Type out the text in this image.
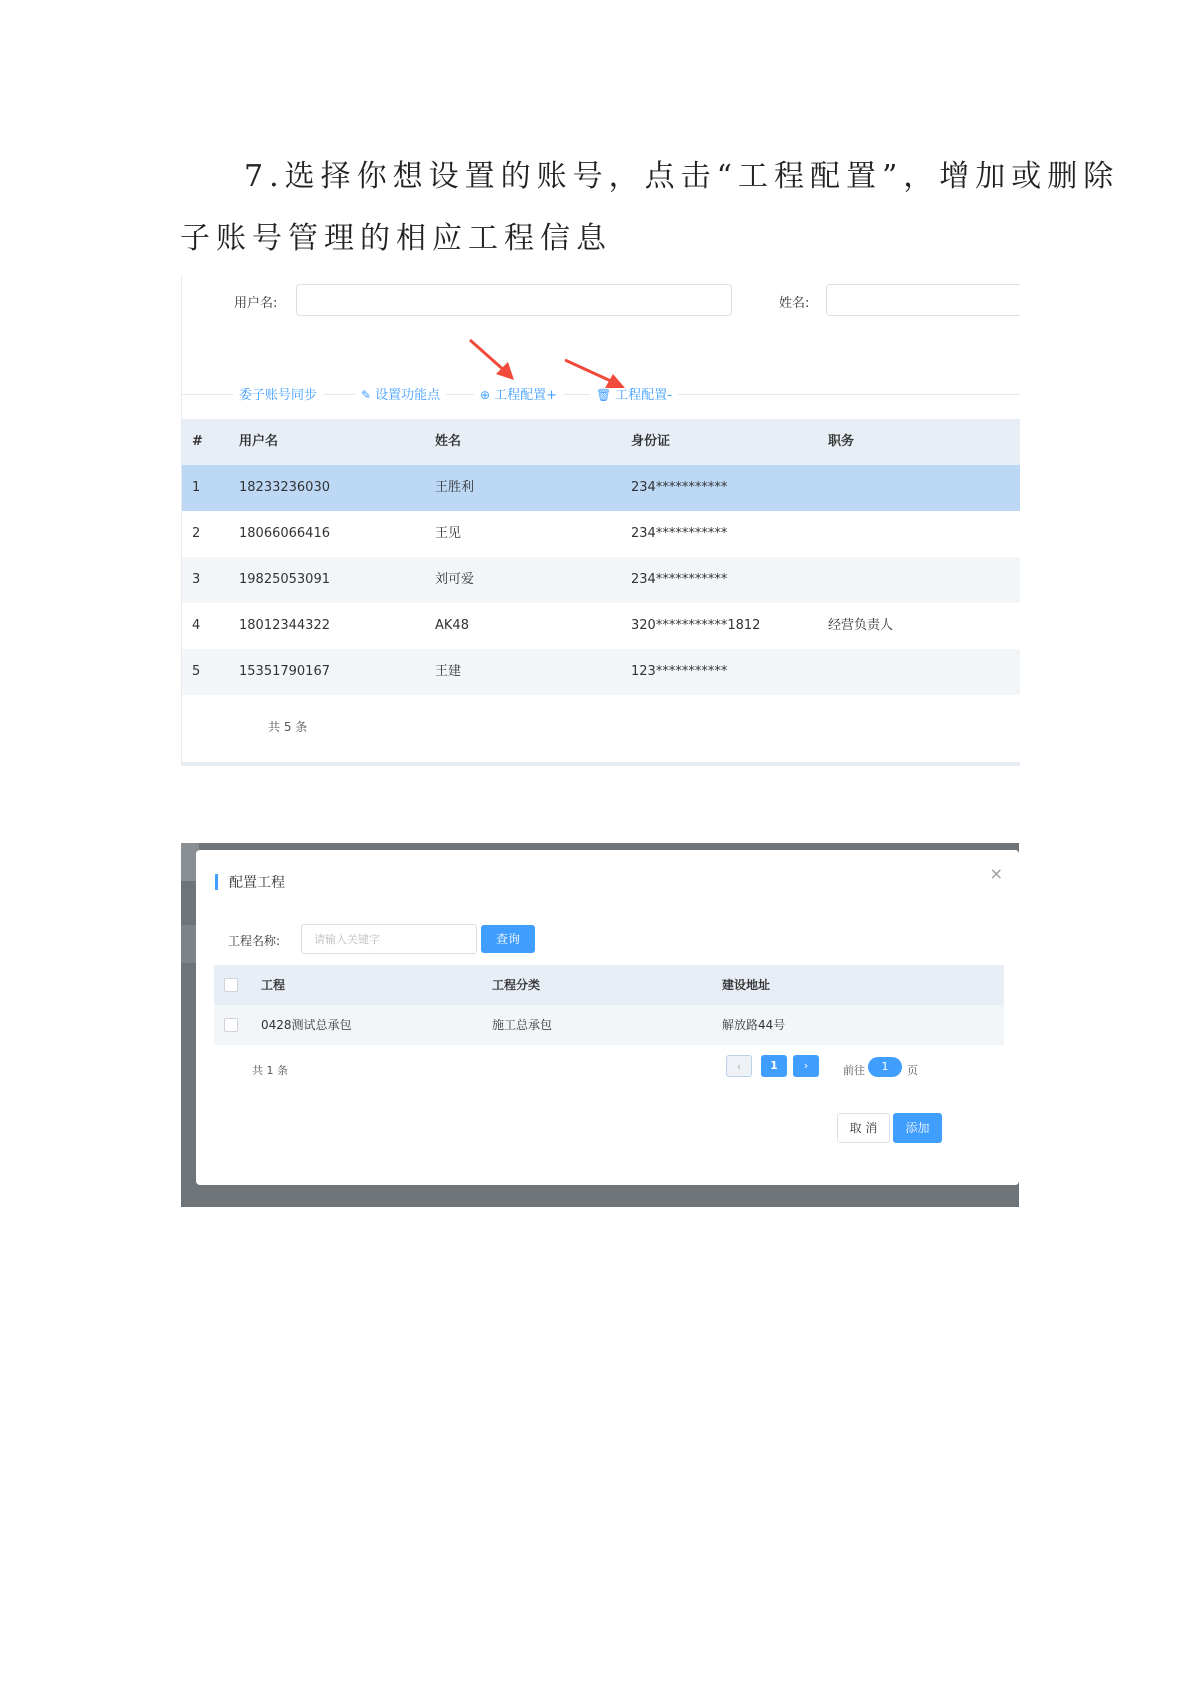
7.选择你想设置的账号，点击“工程配置”，增加或删除
子账号管理的相应工程信息
用户名:	姓名:
委子账号同步	✎ 设置功能点	⊕ 工程配置+	🗑 工程配置-
#	用户名	姓名	身份证	职务
1	18233236030	王胜利	234***********
2	18066066416	王见	234***********
3	19825053091	刘可爱	234***********
4	18012344322	AK48	320***********1812	经营负责人
5	15351790167	王建	123***********
共 5 条
配置工程	×
工程名称:	请输入关键字	查询
工程	工程分类	建设地址
0428测试总承包	施工总承包	解放路44号
共 1 条	‹	1	›	前往	1	页
取 消	添加
